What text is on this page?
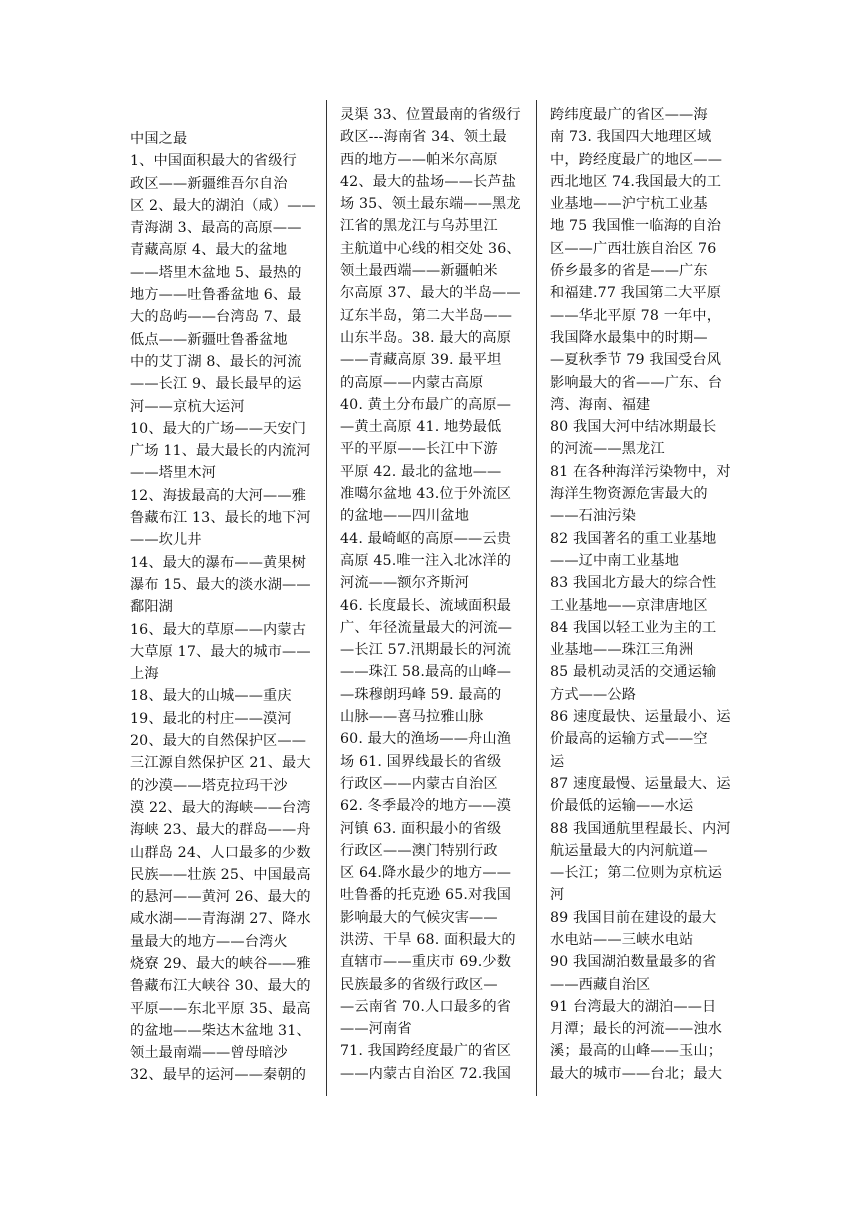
中国之最
1、中国面积最大的省级行
政区——新疆维吾尔自治
区 2、最大的湖泊（咸）——
青海湖 3、最高的高原——
青藏高原 4、最大的盆地
——塔里木盆地 5、最热的
地方——吐鲁番盆地 6、最
大的岛屿——台湾岛 7、最
低点——新疆吐鲁番盆地
中的艾丁湖 8、最长的河流
——长江 9、最长最早的运
河——京杭大运河
10、最大的广场——天安门
广场 11、最大最长的内流河
——塔里木河
12、海拔最高的大河——雅
鲁藏布江 13、最长的地下河
——坎儿井
14、最大的瀑布——黄果树
瀑布 15、最大的淡水湖——
鄱阳湖
16、最大的草原——内蒙古
大草原 17、最大的城市——
上海
18、最大的山城——重庆
19、最北的村庄——漠河
20、最大的自然保护区——
三江源自然保护区 21、最大
的沙漠——塔克拉玛干沙
漠 22、最大的海峡——台湾
海峡 23、最大的群岛——舟
山群岛 24、人口最多的少数
民族——壮族 25、中国最高
的悬河——黄河 26、最大的
咸水湖——青海湖 27、降水
量最大的地方——台湾火
烧寮 29、最大的峡谷——雅
鲁藏布江大峡谷 30、最大的
平原——东北平原 35、最高
的盆地——柴达木盆地 31、
领土最南端——曾母暗沙
32、最早的运河——秦朝的
灵渠 33、位置最南的省级行
政区---海南省 34、领土最
西的地方——帕米尔高原
42、最大的盐场——长芦盐
场 35、领土最东端——黑龙
江省的黑龙江与乌苏里江
主航道中心线的相交处 36、
领土最西端——新疆帕米
尔高原 37、最大的半岛——
辽东半岛，第二大半岛——
山东半岛。38. 最大的高原
——青藏高原 39. 最平坦
的高原——内蒙古高原
40. 黄土分布最广的高原—
—黄土高原 41. 地势最低
平的平原——长江中下游
平原 42. 最北的盆地——
准噶尔盆地 43.位于外流区
的盆地——四川盆地
44. 最崎岖的高原——云贵
高原 45.唯一注入北冰洋的
河流——额尔齐斯河
46. 长度最长、流域面积最
广、年径流量最大的河流—
—长江 57.汛期最长的河流
——珠江 58.最高的山峰—
—珠穆朗玛峰 59. 最高的
山脉——喜马拉雅山脉
60. 最大的渔场——舟山渔
场 61. 国界线最长的省级
行政区——内蒙古自治区
62. 冬季最冷的地方——漠
河镇 63. 面积最小的省级
行政区——澳门特别行政
区 64.降水最少的地方——
吐鲁番的托克逊 65.对我国
影响最大的气候灾害——
洪涝、干旱 68. 面积最大的
直辖市——重庆市 69.少数
民族最多的省级行政区—
—云南省 70.人口最多的省
——河南省
71. 我国跨经度最广的省区
——内蒙古自治区 72.我国
跨纬度最广的省区——海
南 73. 我国四大地理区域
中，跨经度最广的地区——
西北地区 74.我国最大的工
业基地——沪宁杭工业基
地 75 我国惟一临海的自治
区——广西壮族自治区 76
侨乡最多的省是——广东
和福建.77 我国第二大平原
——华北平原 78 一年中，
我国降水最集中的时期—
—夏秋季节 79 我国受台风
影响最大的省——广东、台
湾、海南、福建
80 我国大河中结冰期最长
的河流——黑龙江
81 在各种海洋污染物中，对
海洋生物资源危害最大的
——石油污染
82 我国著名的重工业基地
——辽中南工业基地
83 我国北方最大的综合性
工业基地——京津唐地区
84 我国以轻工业为主的工
业基地——珠江三角洲
85 最机动灵活的交通运输
方式——公路
86 速度最快、运量最小、运
价最高的运输方式——空
运
87 速度最慢、运量最大、运
价最低的运输——水运
88 我国通航里程最长、内河
航运量最大的内河航道—
—长江；第二位则为京杭运
河
89 我国目前在建设的最大
水电站——三峡水电站
90 我国湖泊数量最多的省
——西藏自治区
91 台湾最大的湖泊——日
月潭；最长的河流——浊水
溪；最高的山峰——玉山；
最大的城市——台北；最大
